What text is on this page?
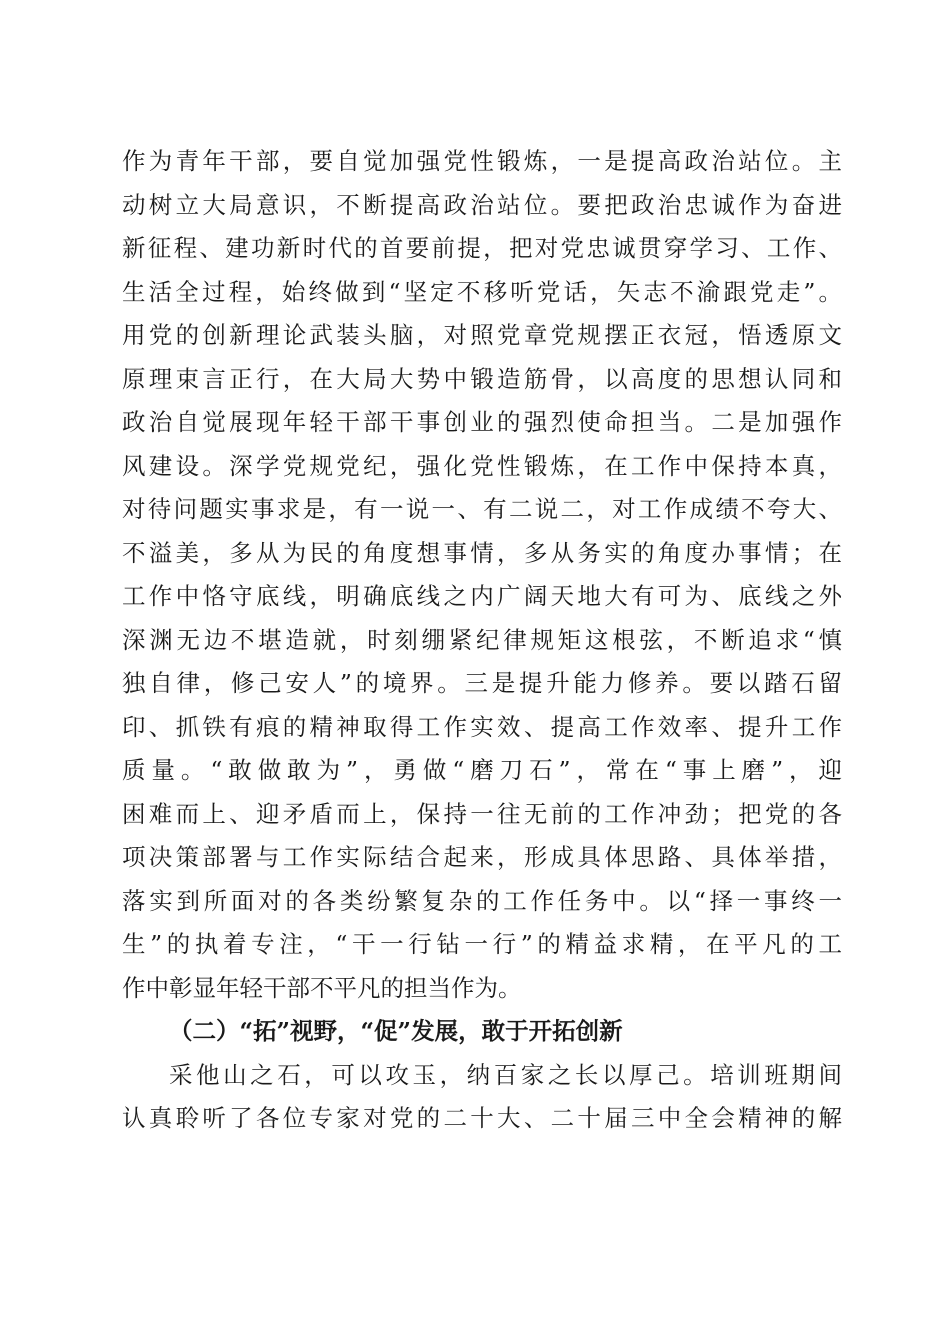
作为青年干部，要自觉加强党性锻炼，一是提高政治站位。主
动树立大局意识，不断提高政治站位。要把政治忠诚作为奋进
新征程、建功新时代的首要前提，把对党忠诚贯穿学习、工作、
生活全过程，始终做到“坚定不移听党话，矢志不渝跟党走”。
用党的创新理论武装头脑，对照党章党规摆正衣冠，悟透原文
原理束言正行，在大局大势中锻造筋骨，以高度的思想认同和
政治自觉展现年轻干部干事创业的强烈使命担当。二是加强作
风建设。深学党规党纪，强化党性锻炼，在工作中保持本真，
对待问题实事求是，有一说一、有二说二，对工作成绩不夸大、
不溢美，多从为民的角度想事情，多从务实的角度办事情；在
工作中恪守底线，明确底线之内广阔天地大有可为、底线之外
深渊无边不堪造就，时刻绷紧纪律规矩这根弦，不断追求“慎
独自律，修己安人”的境界。三是提升能力修养。要以踏石留
印、抓铁有痕的精神取得工作实效、提高工作效率、提升工作
质量。“敢做敢为”，勇做“磨刀石”，常在“事上磨”，迎
困难而上、迎矛盾而上，保持一往无前的工作冲劲；把党的各
项决策部署与工作实际结合起来，形成具体思路、具体举措，
落实到所面对的各类纷繁复杂的工作任务中。以“择一事终一
生”的执着专注，“干一行钻一行”的精益求精，在平凡的工
作中彰显年轻干部不平凡的担当作为。
（二）“拓”视野，“促”发展，敢于开拓创新
采他山之石，可以攻玉，纳百家之长以厚己。培训班期间
认真聆听了各位专家对党的二十大、二十届三中全会精神的解
